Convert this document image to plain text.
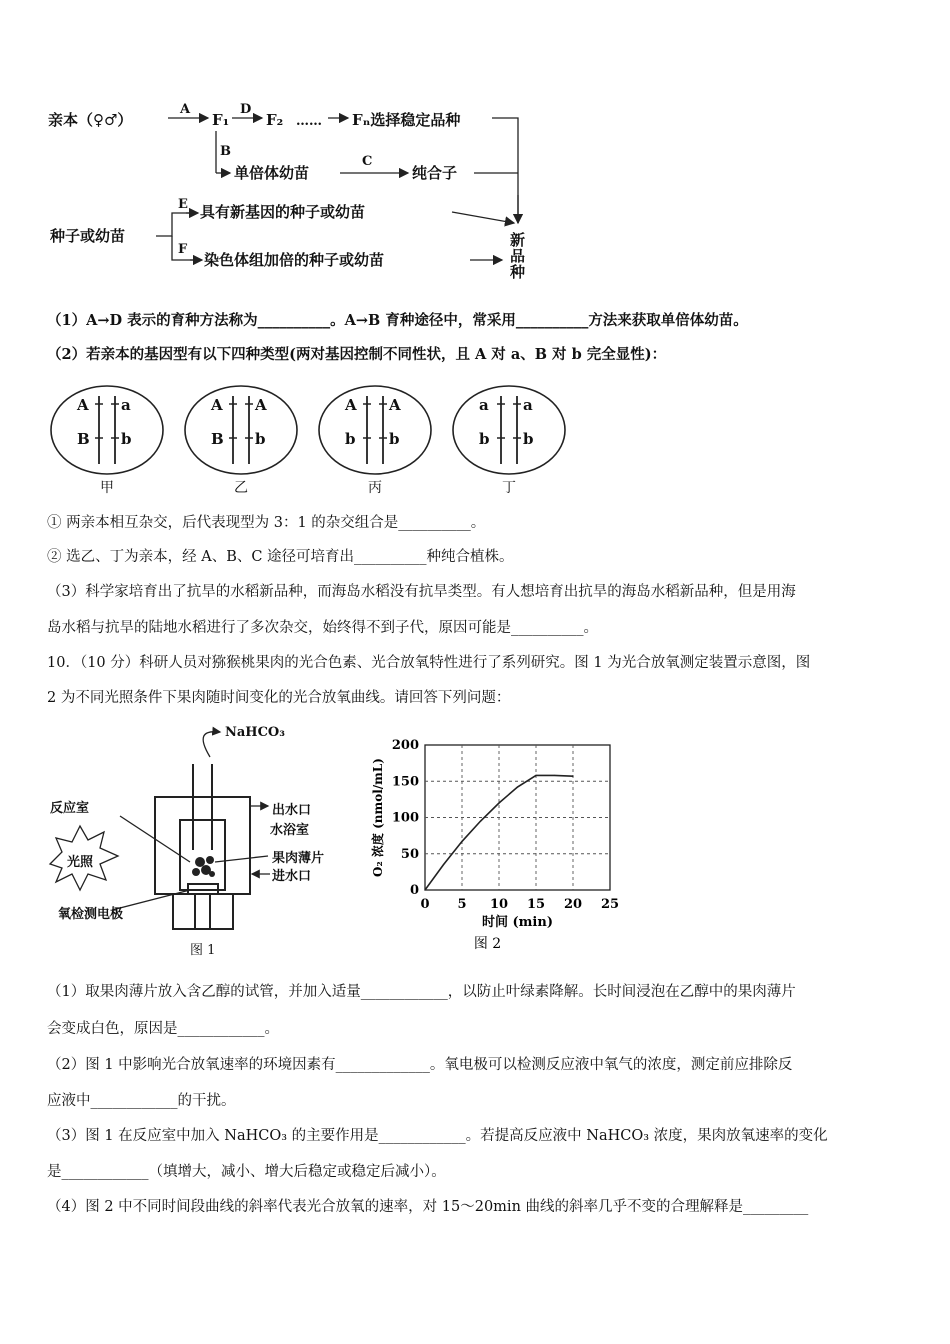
亲本（♀♂）
A
F₁
D
F₂ …… Fₙ选择稳定品种
B
单倍体幼苗
C
纯合子
E 具有新基因的种子或幼苗
种子或幼苗
F
染色体组加倍的种子或幼苗
新
品
种
（1）A→D 表示的育种方法称为__________。A→B 育种途径中，常采用__________方法来获取单倍体幼苗。
（2）若亲本的基因型有以下四种类型(两对基因控制不同性状，且 A 对 a、B 对 b 完全显性)：
A a
B b
甲
A A
B b
乙
A A
b b
丙
a a
b b
丁
① 两亲本相互杂交，后代表现型为 3：1 的杂交组合是__________。
② 选乙、丁为亲本，经 A、B、C 途径可培育出__________种纯合植株。
（3）科学家培育出了抗旱的水稻新品种，而海岛水稻没有抗旱类型。有人想培育出抗旱的海岛水稻新品种，但是用海
岛水稻与抗旱的陆地水稻进行了多次杂交，始终得不到子代，原因可能是__________。
10．（10 分）科研人员对猕猴桃果肉的光合色素、光合放氧特性进行了系列研究。图 1 为光合放氧测定装置示意图，图
2 为不同光照条件下果肉随时间变化的光合放氧曲线。请回答下列问题：
NaHCO₃
反应室
光照
出水口
水浴室
果肉薄片
进水口
氧检测电极
图 1
0
50
100
150
200
0 5 10 15 20 25
时间 (min)
O₂ 浓度 (nmol/mL)
图 2
（1）取果肉薄片放入含乙醇的试管，并加入适量____________，以防止叶绿素降解。长时间浸泡在乙醇中的果肉薄片
会变成白色，原因是____________。
（2）图 1 中影响光合放氧速率的环境因素有_____________。氧电极可以检测反应液中氧气的浓度，测定前应排除反
应液中____________的干扰。
（3）图 1 在反应室中加入 NaHCO₃ 的主要作用是____________。若提高反应液中 NaHCO₃ 浓度，果肉放氧速率的变化
是____________（填增大，减小、增大后稳定或稳定后减小）。
（4）图 2 中不同时间段曲线的斜率代表光合放氧的速率，对 15～20min 曲线的斜率几乎不变的合理解释是_________
